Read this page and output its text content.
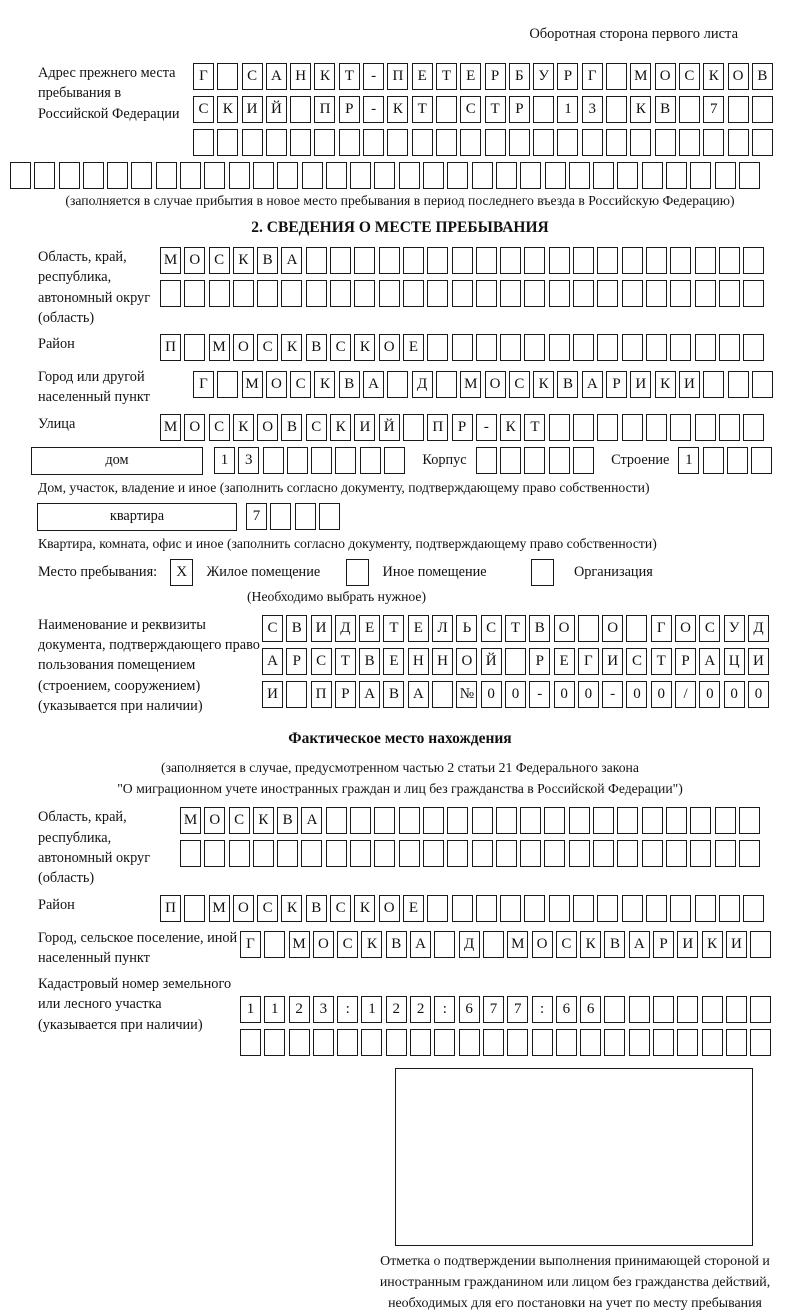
Оборотная сторона первого листа
Адрес прежнего места пребывания в Российской Федерации
Г	С А Н К Т	-	П Е	Т	Е	Р	Б У Р	Г	М О С К О В
С К И Й	П Р	-	К Т	С Т	Р	1	3	К В	7
(заполняется в случае прибытия в новое место пребывания в период последнего въезда в Российскую Федерацию)
2. СВЕДЕНИЯ О МЕСТЕ ПРЕБЫВАНИЯ
Область, край, республика, автономный округ (область)
М О С К В А
Район	П	М О С К В С К О Е
Город или другой населенный пункт
Г	М О С К В А	Д	М О С К В А Р И К И
Улица	М О С К О В С К И Й	П Р	-	К Т
дом	1	3	Корпус	Строение	1
Дом, участок, владение и иное (заполнить согласно документу, подтверждающему право собственности)
квартира	7
Квартира, комната, офис и иное (заполнить согласно документу, подтверждающему право собственности)
Место пребывания:	X	Жилое помещение	Иное помещение	Организация
(Необходимо выбрать нужное)
Наименование и реквизиты документа, подтверждающего право пользования помещением (строением, сооружением) (указывается при наличии)
С В И Д Е	Т	Е Л Ь С Т В О	О	Г О С У Д
А Р	С Т В Е Н Н О Й	Р	Е	Г И С Т	Р А Ц И
И	П Р А В А	№ 0	0	-	0	0	-	0	0	/	0	0	0
Фактическое место нахождения
(заполняется в случае, предусмотренном частью 2 статьи 21 Федерального закона
"О миграционном учете иностранных граждан и лиц без гражданства в Российской Федерации")
Область, край, республика, автономный округ (область)
М О С К В А
Район	П	М О С К В С К О Е
Город, сельское поселение, иной населенный пункт
Г	М О С К В А	Д	М О С К В А Р И К И
Кадастровый номер земельного или лесного участка (указывается при наличии)
1	1	2	3	:	1	2	2	:	6	7	7	:	6	6
Отметка о подтверждении выполнения принимающей стороной и иностранным гражданином или лицом без гражданства действий, необходимых для его постановки на учет по месту пребывания
